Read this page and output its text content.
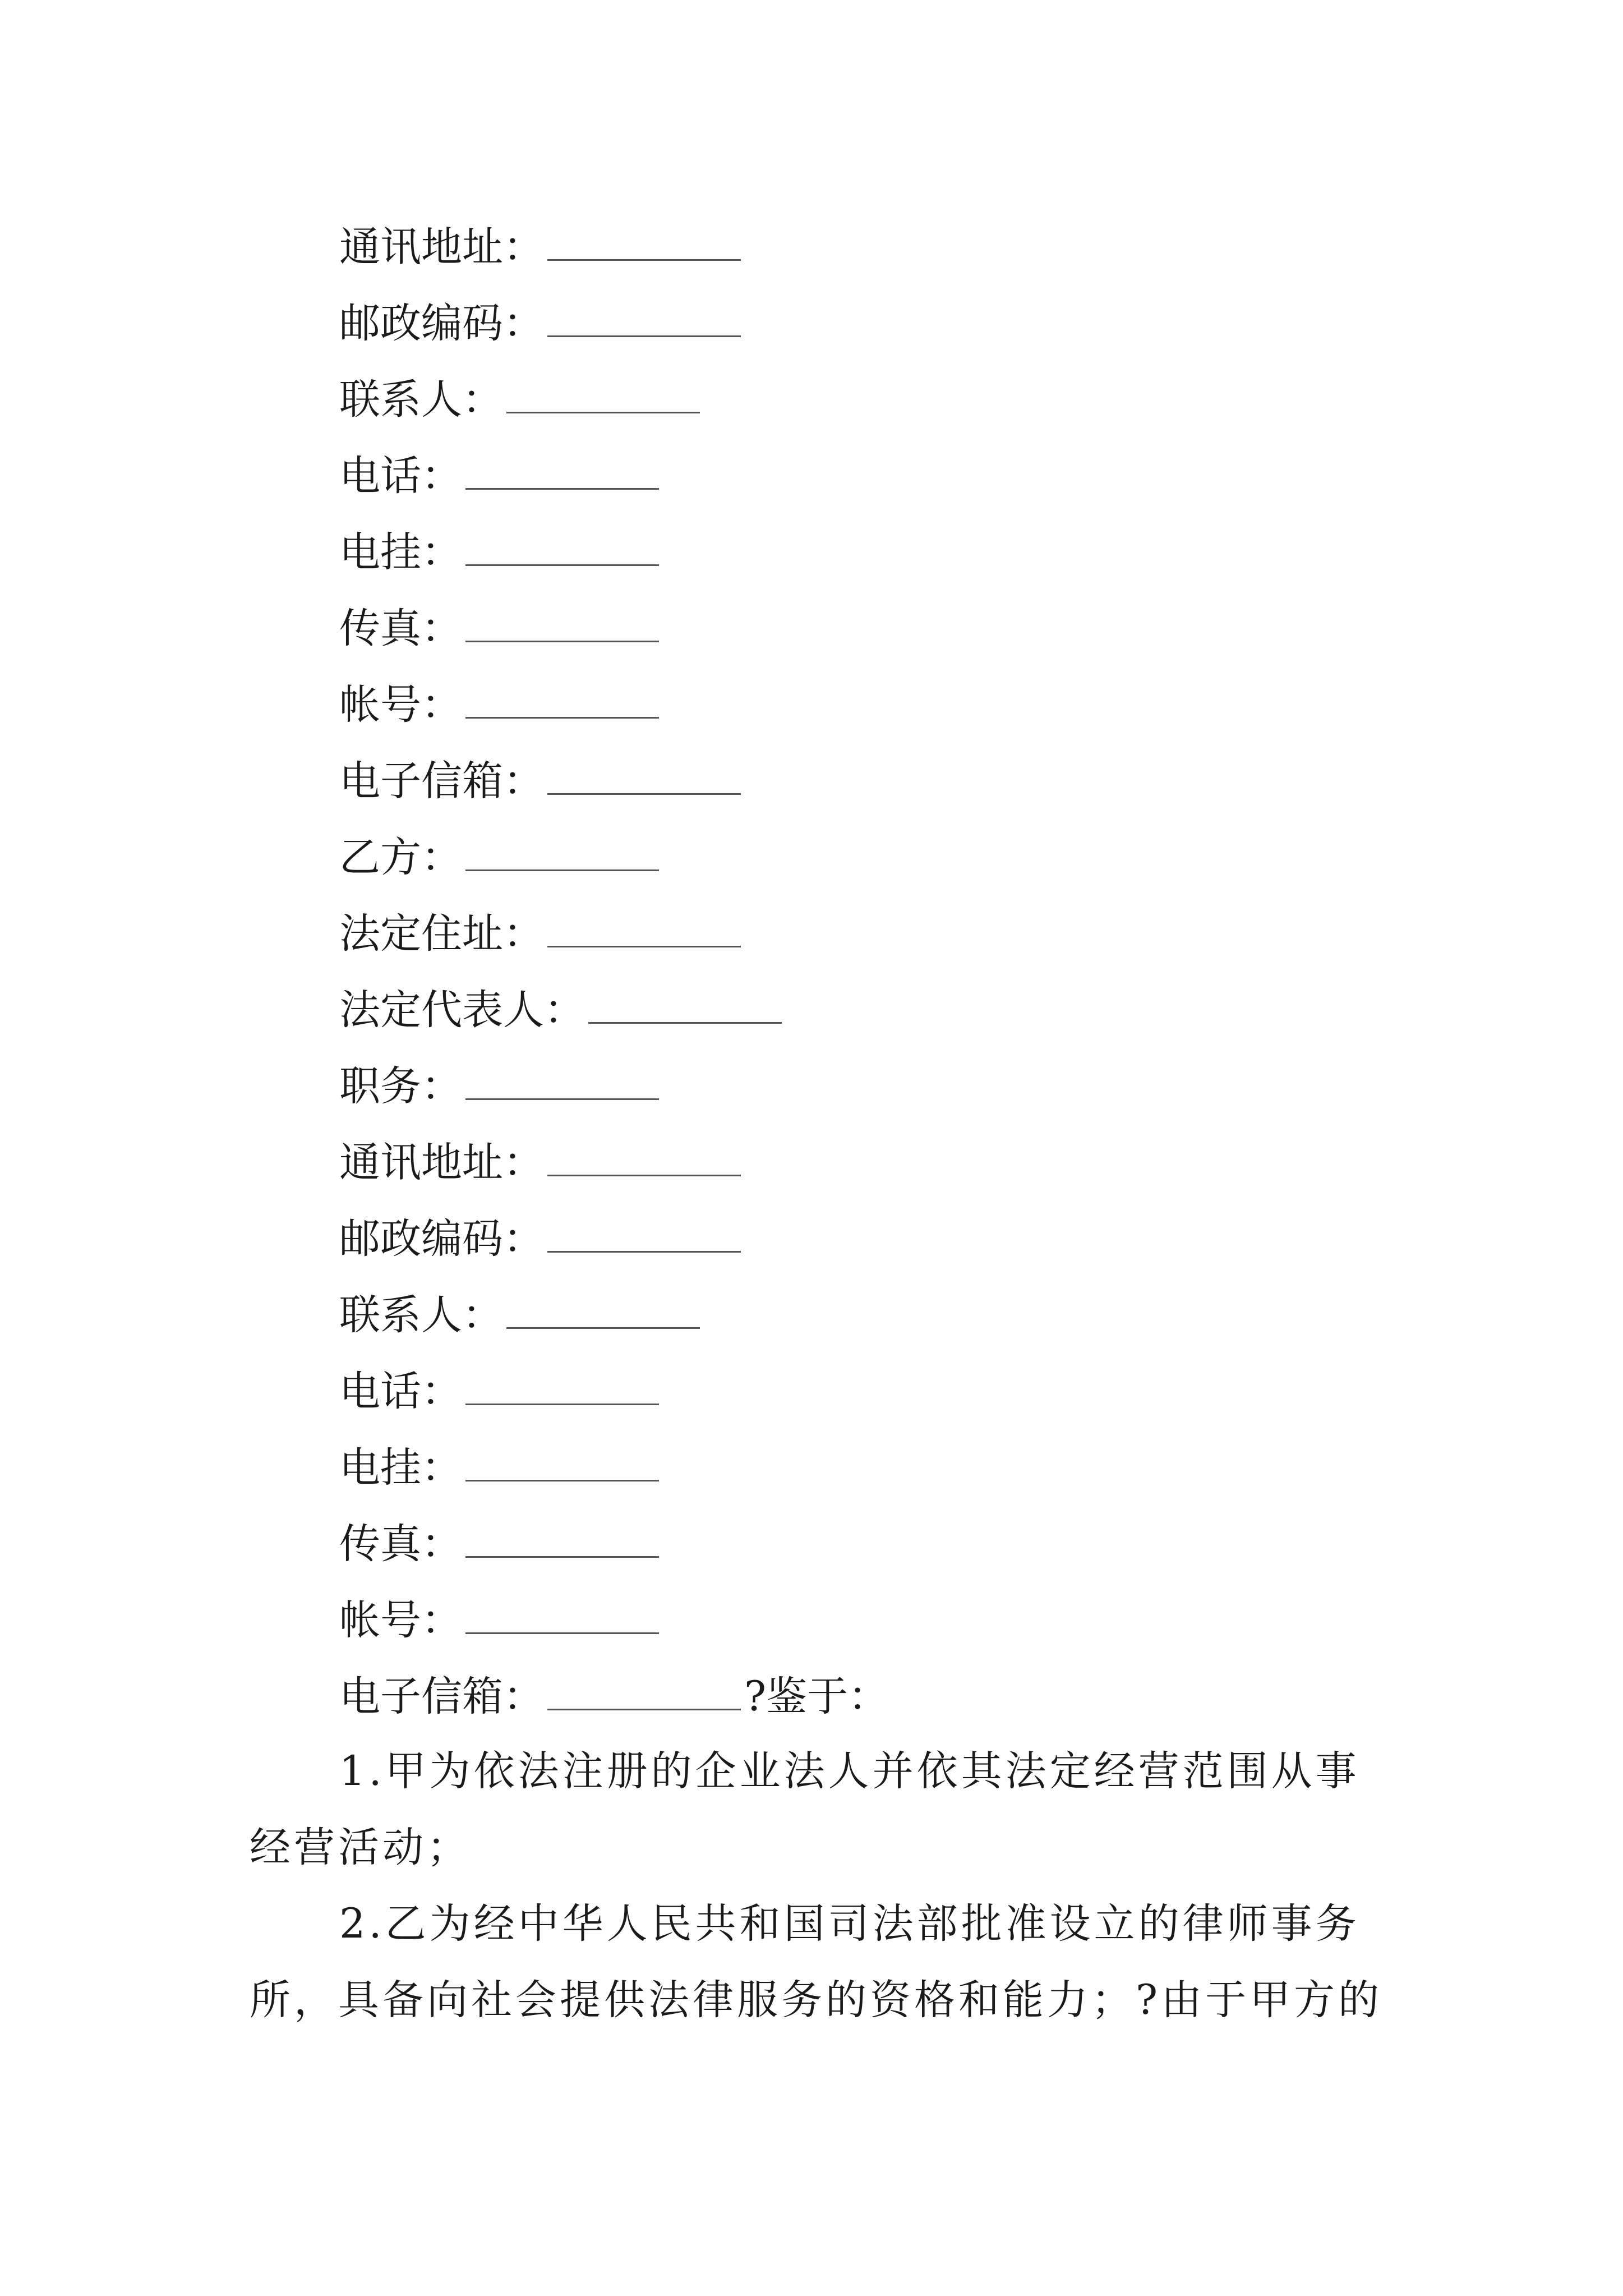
通讯地址：
邮政编码：
联系人：
电话：
电挂：
传真：
帐号：
电子信箱：
乙方：
法定住址：
法定代表人：
职务：
通讯地址：
邮政编码：
联系人：
电话：
电挂：
传真：
帐号：
电子信箱：	?鉴于：
1.甲为依法注册的企业法人并依其法定经营范围从事
经营活动；
2.乙为经中华人民共和国司法部批准设立的律师事务
所，具备向社会提供法律服务的资格和能力；?由于甲方的
